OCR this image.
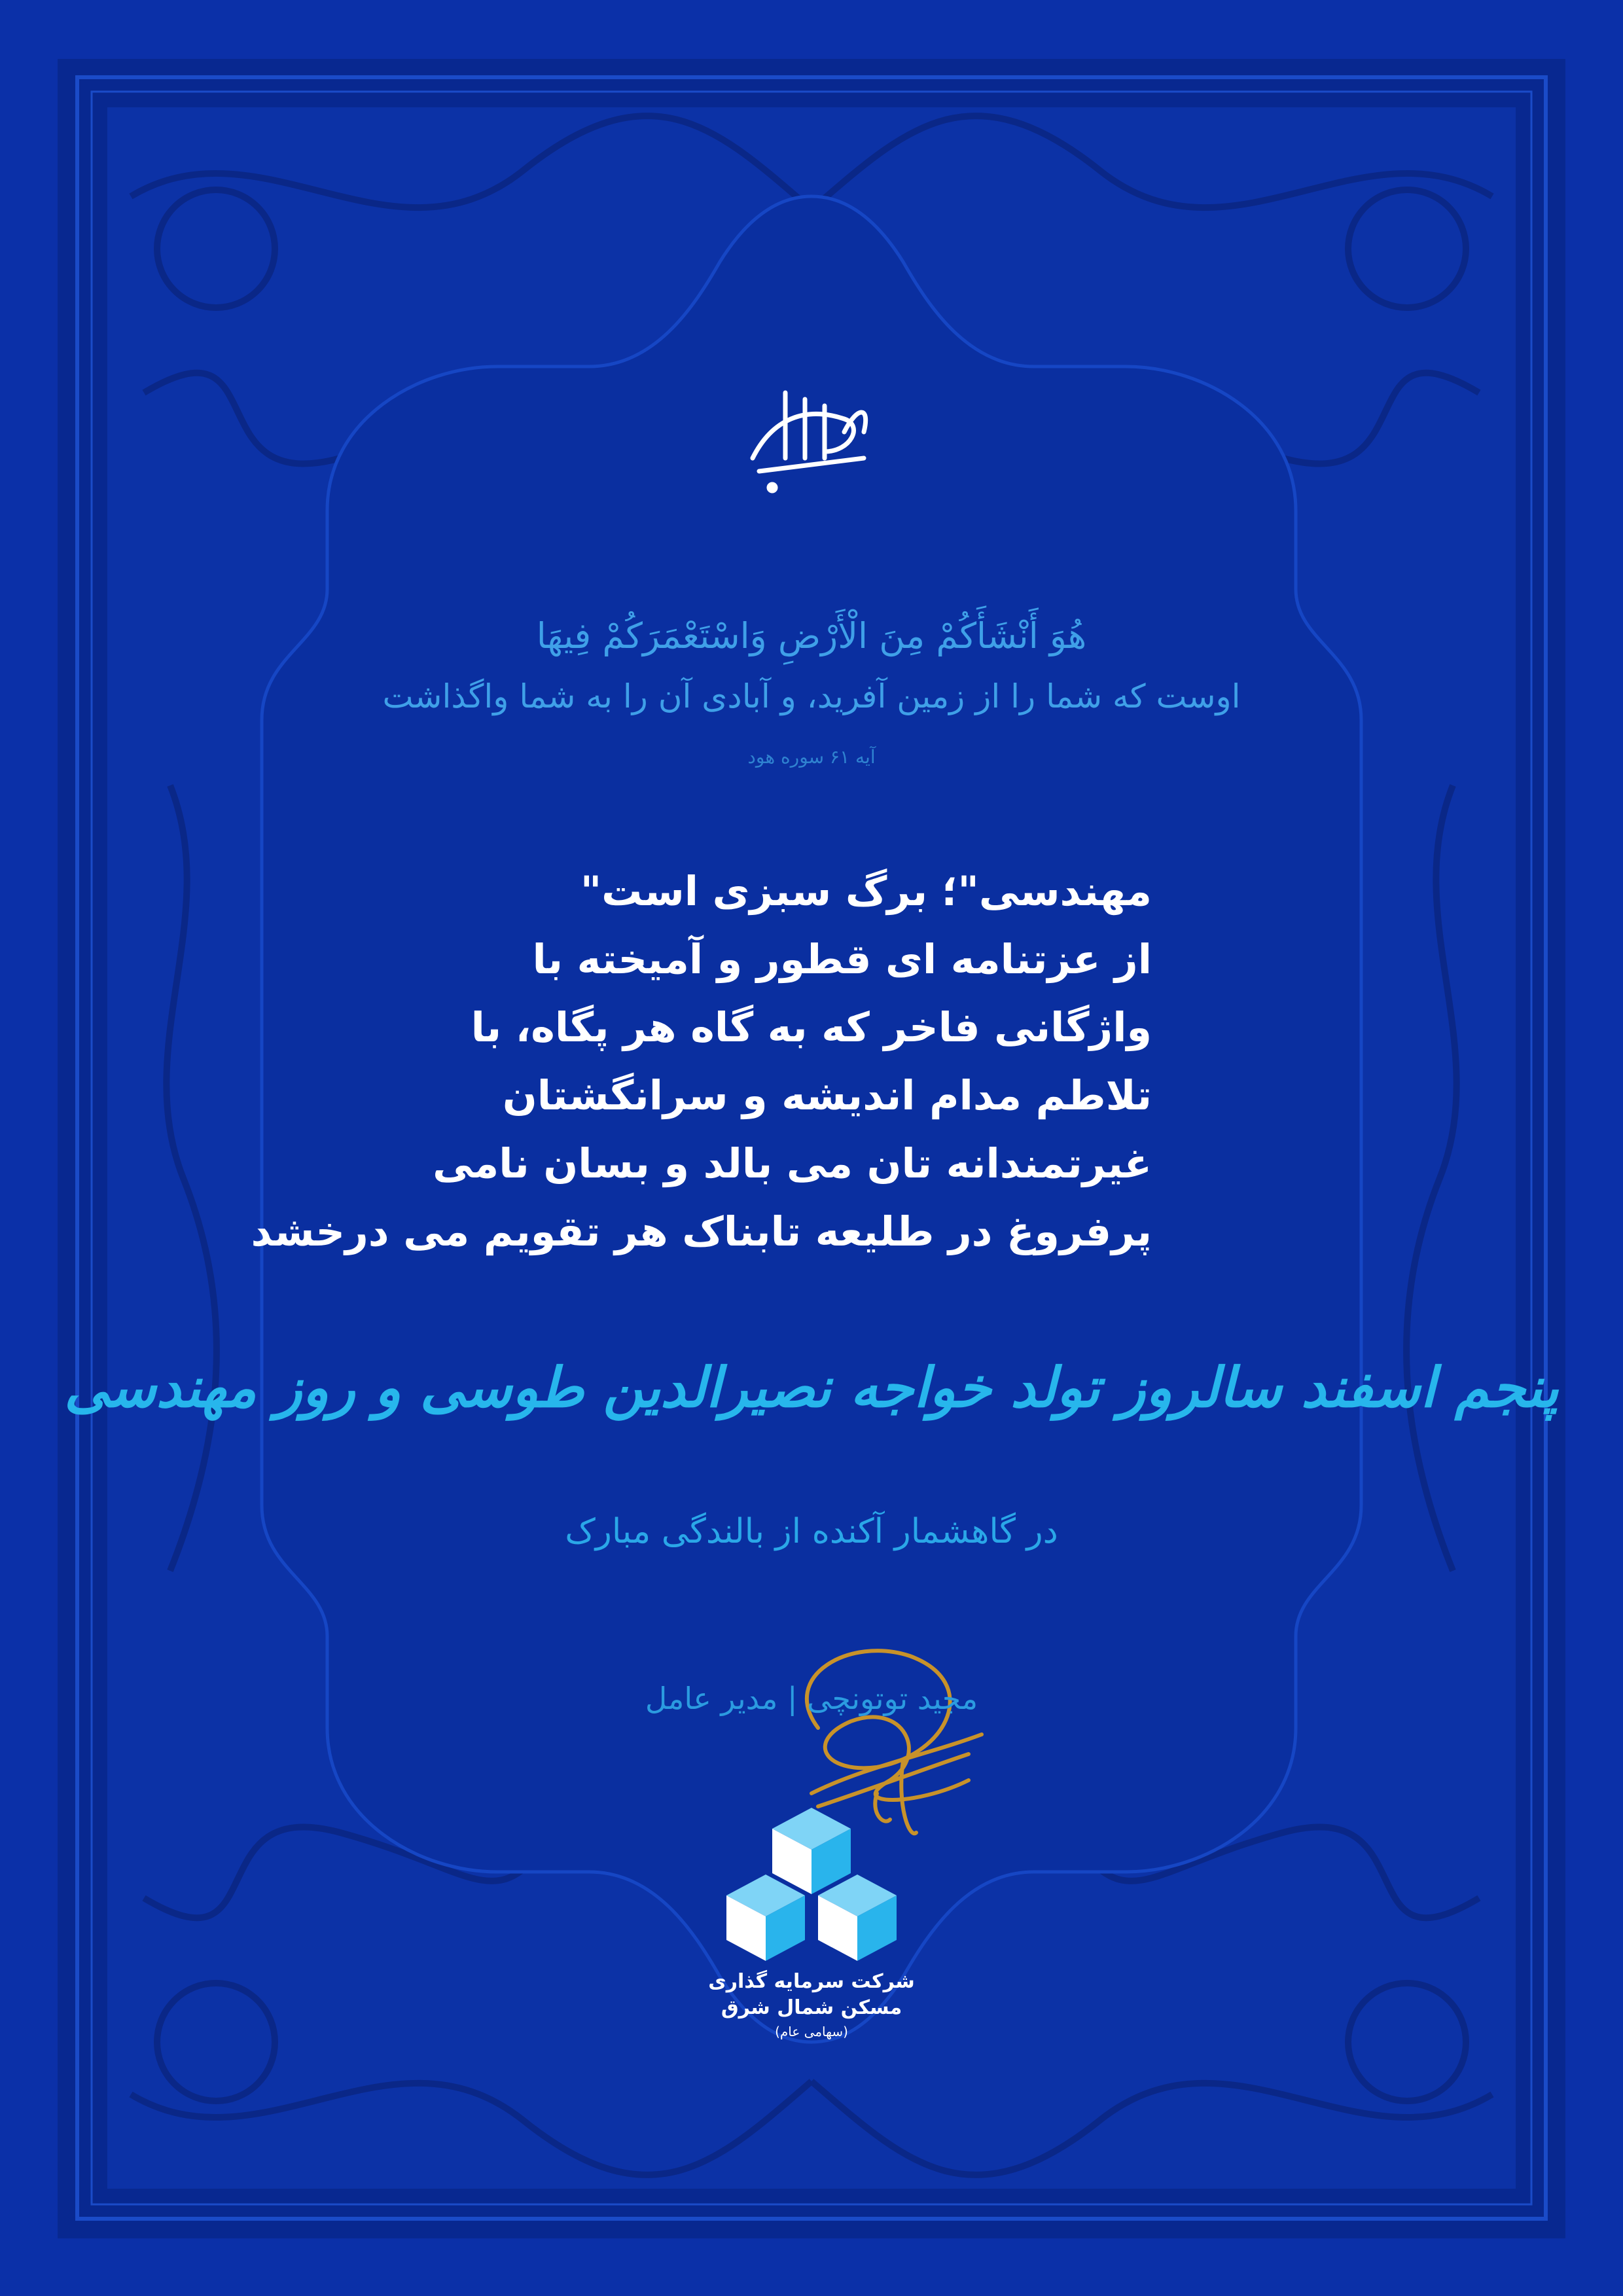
هُوَ أَنْشَأَكُمْ مِنَ الْأَرْضِ وَاسْتَعْمَرَكُمْ فِيهَا
اوست که شما را از زمین آفرید، و آبادی آن را به شما واگذاشت
آیه ۶۱ سوره هود
مهندسی"؛ برگ سبزی است"
از عزتنامه ای قطور و آمیخته با
واژگانی فاخر که به گاه هر پگاه، با
تلاطم مدام اندیشه و سرانگشتان
غیرتمندانه تان می بالد و بسان نامی
پرفروغ در طلیعه تابناک هر تقویم می درخشد
پنجم اسفند سالروز تولد خواجه نصیرالدین طوسی و روز مهندسی
در گاهشمار آکنده از بالندگی مبارک
مجید توتونچی | مدیر عامل
شرکت سرمایه گذاری
مسکن شمال شرق
(سهامی عام)
